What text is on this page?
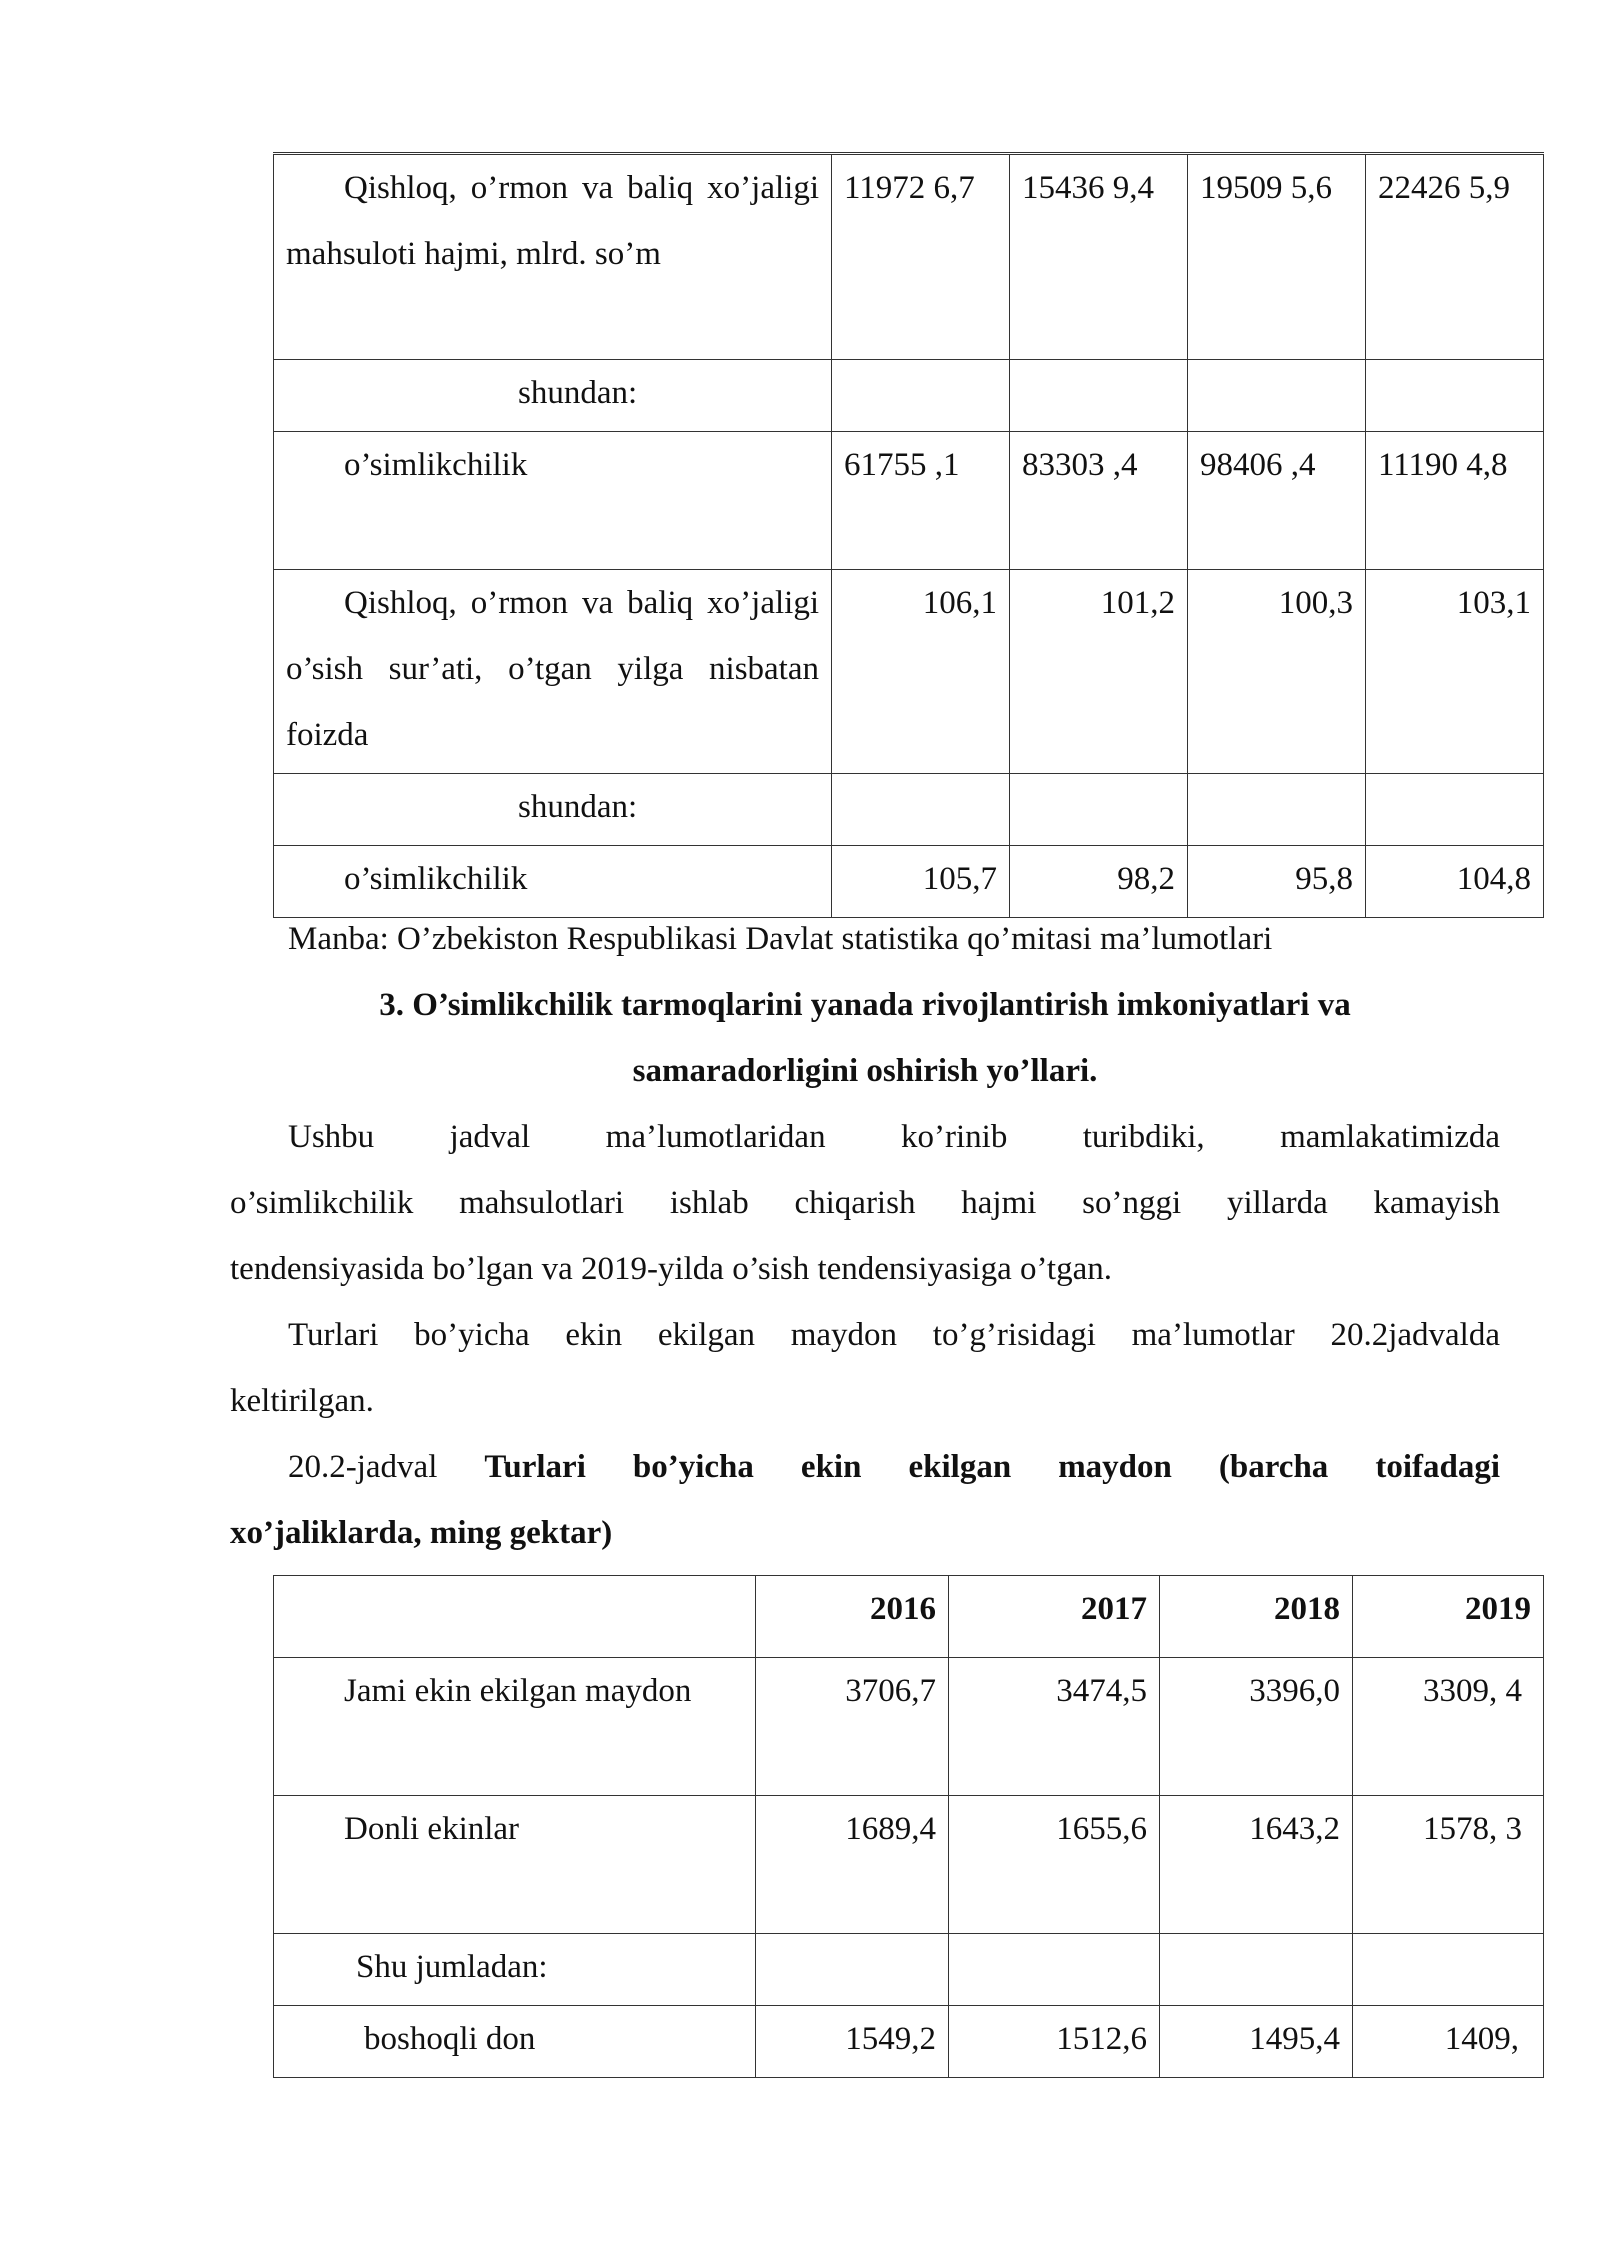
Qishloq, o’rmon va baliq xo’jaligi mahsuloti hajmi, mlrd. so’m	11972 6,7	15436 9,4	19509 5,6	22426 5,9
shundan:				
o’simlikchilik	61755 ,1	83303 ,4	98406 ,4	11190 4,8
Qishloq, o’rmon va baliq xo’jaligi o’sish sur’ati, o’tgan yilga nisbatan foizda	106,1	101,2	100,3	103,1
shundan:				
o’simlikchilik	105,7	98,2	95,8	104,8
Manba: O’zbekiston Respublikasi Davlat statistika qo’mitasi ma’lumotlari
3. O’simlikchilik tarmoqlarini yanada rivojlantirish imkoniyatlari va
samaradorligini oshirish yo’llari.
Ushbu jadval ma’lumotlaridan ko’rinib turibdiki, mamlakatimizda
o’simlikchilik mahsulotlari ishlab chiqarish hajmi so’nggi yillarda kamayish
tendensiyasida bo’lgan va 2019-yilda o’sish tendensiyasiga o’tgan.
Turlari bo’yicha ekin ekilgan maydon to’g’risidagi ma’lumotlar 20.2jadvalda
keltirilgan.
20.2-jadval Turlari bo’yicha ekin ekilgan maydon (barcha toifadagi
xo’jaliklarda, ming gektar)
	2016	2017	2018	2019
Jami ekin ekilgan maydon	3706,7	3474,5	3396,0	3309, 4
Donli ekinlar	1689,4	1655,6	1643,2	1578, 3
Shu jumladan:				
boshoqli don	1549,2	1512,6	1495,4	1409,
